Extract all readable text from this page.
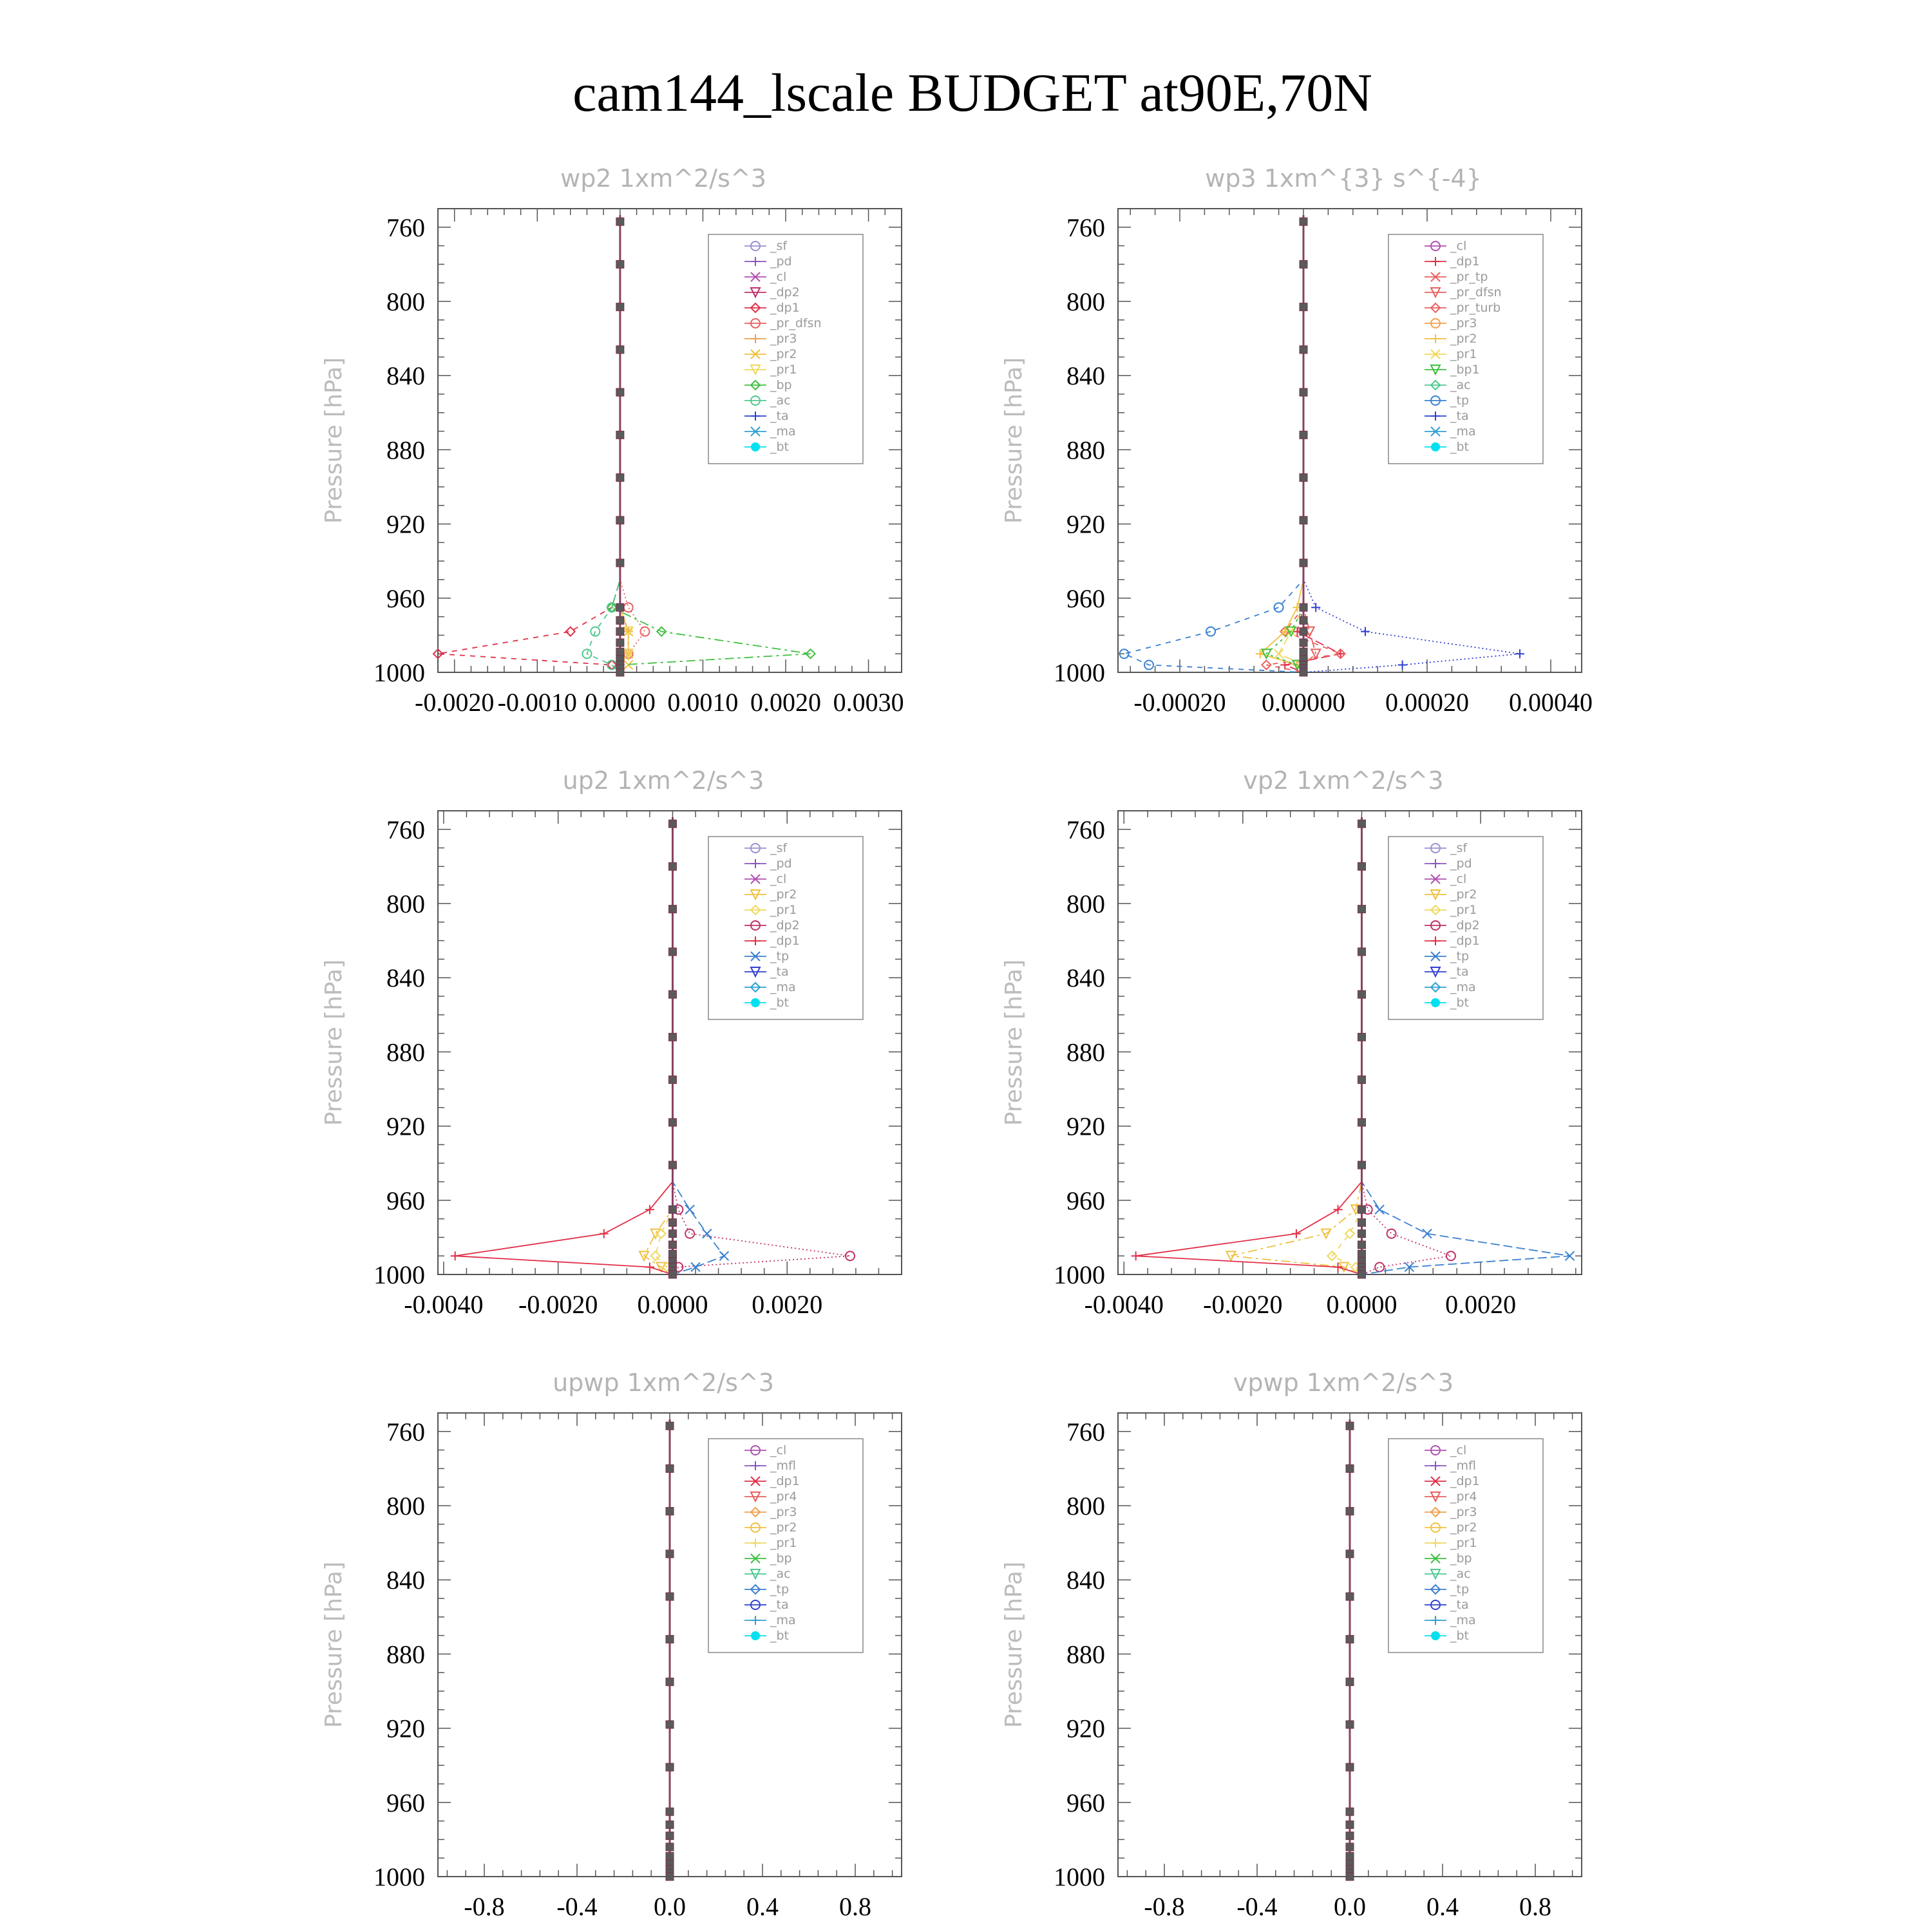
cam144_lscale BUDGET at90E,70N
wp2 1xm^2/s^3
Pressure [hPa]
760
800
840
880
920
960
1000
-0.0020 -0.0010 0.0000 0.0010 0.0020 0.0030
_sf
_pd
_cl
_dp2
_dp1
_pr_dfsn
_pr3
_pr2
_pr1
_bp
_ac
_ta
_ma
_bt
wp3 1xm^{3} s^{-4}
Pressure [hPa]
760
800
840
880
920
960
1000
-0.00020 0.00000 0.00020 0.00040
_cl
_dp1
_pr_tp
_pr_dfsn
_pr_turb
_pr3
_pr2
_pr1
_bp1
_ac
_tp
_ta
_ma
_bt
up2 1xm^2/s^3
Pressure [hPa]
760
800
840
880
920
960
1000
-0.0040 -0.0020 0.0000 0.0020
_sf
_pd
_cl
_pr2
_pr1
_dp2
_dp1
_tp
_ta
_ma
_bt
vp2 1xm^2/s^3
Pressure [hPa]
760
800
840
880
920
960
1000
-0.0040 -0.0020 0.0000 0.0020
_sf
_pd
_cl
_pr2
_pr1
_dp2
_dp1
_tp
_ta
_ma
_bt
upwp 1xm^2/s^3
Pressure [hPa]
760
800
840
880
920
960
1000
-0.8 -0.4 0.0 0.4 0.8
_cl
_mfl
_dp1
_pr4
_pr3
_pr2
_pr1
_bp
_ac
_tp
_ta
_ma
_bt
vpwp 1xm^2/s^3
Pressure [hPa]
760
800
840
880
920
960
1000
-0.8 -0.4 0.0 0.4 0.8
_cl
_mfl
_dp1
_pr4
_pr3
_pr2
_pr1
_bp
_ac
_tp
_ta
_ma
_bt
